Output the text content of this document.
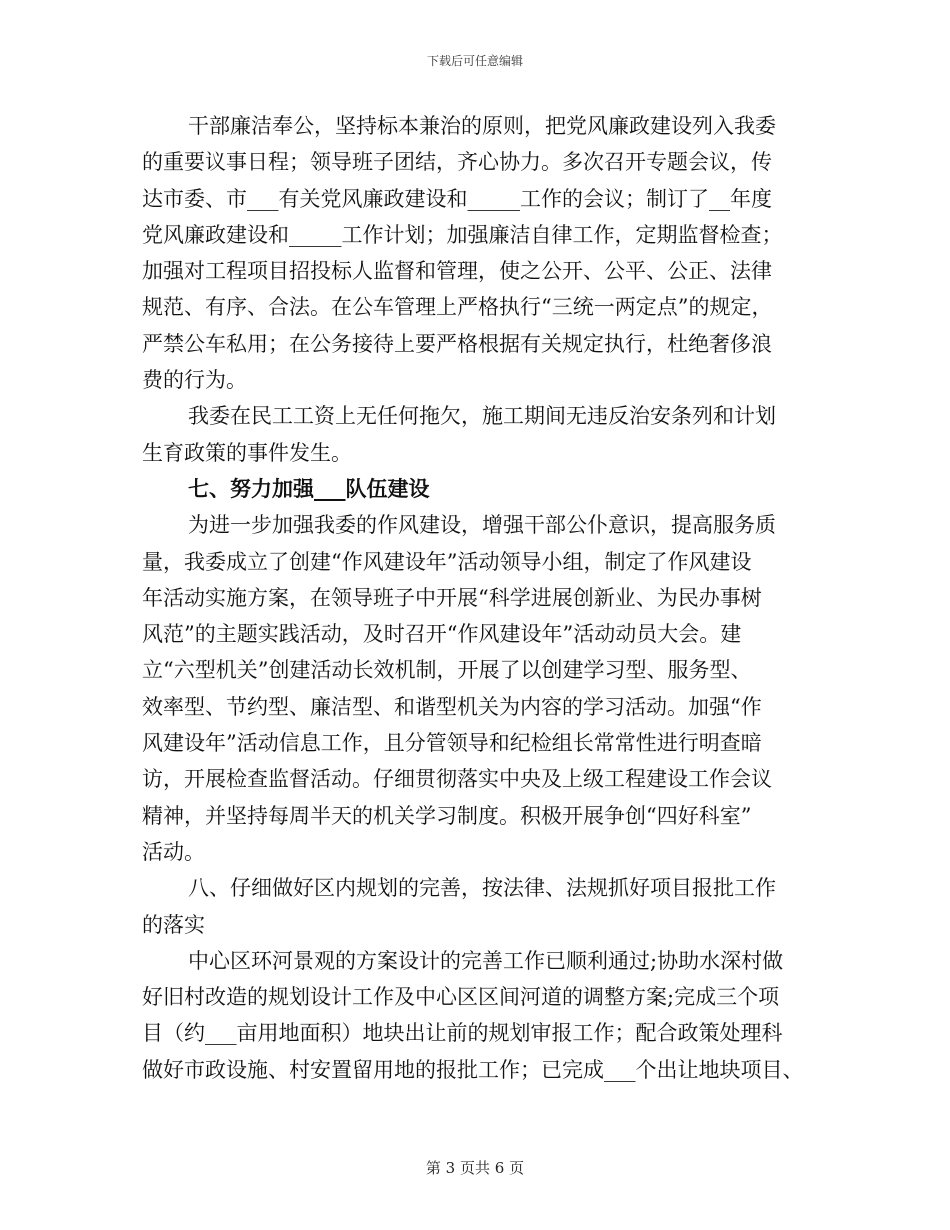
下载后可任意编辑
干部廉洁奉公，坚持标本兼治的原则，把党风廉政建设列入我委
的重要议事日程；领导班子团结，齐心协力。多次召开专题会议，传
达市委、市___有关党风廉政建设和_____工作的会议；制订了__年度
党风廉政建设和_____工作计划；加强廉洁自律工作，定期监督检查；
加强对工程项目招投标人监督和管理，使之公开、公平、公正、法律
规范、有序、合法。在公车管理上严格执行“三统一两定点”的规定，
严禁公车私用；在公务接待上要严格根据有关规定执行，杜绝奢侈浪
费的行为。
我委在民工工资上无任何拖欠，施工期间无违反治安条列和计划
生育政策的事件发生。
七、努力加强___队伍建设
为进一步加强我委的作风建设，增强干部公仆意识，提高服务质
量，我委成立了创建“作风建设年”活动领导小组，制定了作风建设
年活动实施方案，在领导班子中开展“科学进展创新业、为民办事树
风范”的主题实践活动，及时召开“作风建设年”活动动员大会。建
立“六型机关”创建活动长效机制，开展了以创建学习型、服务型、
效率型、节约型、廉洁型、和谐型机关为内容的学习活动。加强“作
风建设年”活动信息工作，且分管领导和纪检组长常常性进行明查暗
访，开展检查监督活动。仔细贯彻落实中央及上级工程建设工作会议
精神，并坚持每周半天的机关学习制度。积极开展争创“四好科室”
活动。
八、仔细做好区内规划的完善，按法律、法规抓好项目报批工作
的落实
中心区环河景观的方案设计的完善工作已顺利通过;协助水深村做
好旧村改造的规划设计工作及中心区区间河道的调整方案;完成三个项
目（约___亩用地面积）地块出让前的规划审报工作；配合政策处理科
做好市政设施、村安置留用地的报批工作；已完成___个出让地块项目、
第 3 页共 6 页
